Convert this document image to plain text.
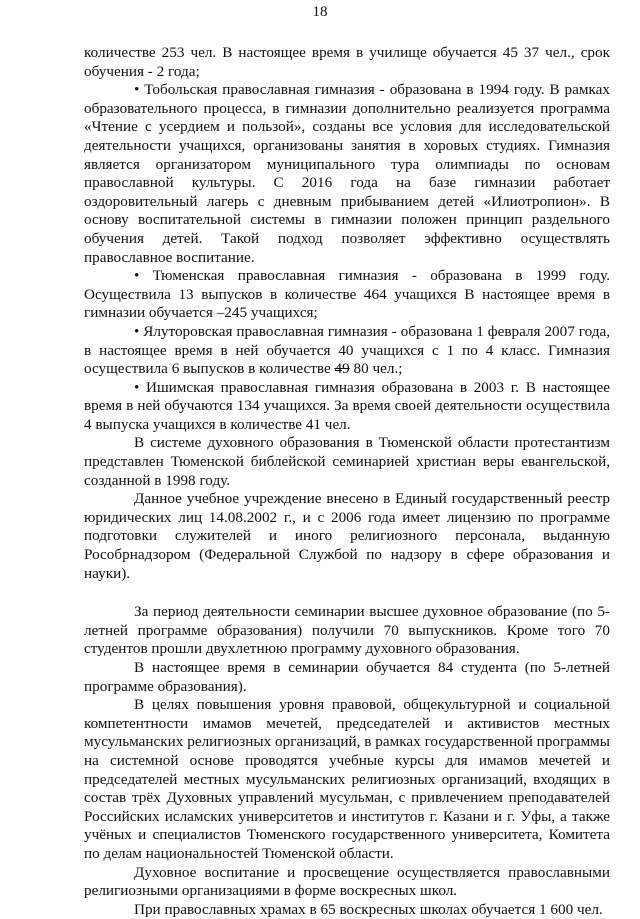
18

количестве 253 чел. В настоящее время в училище обучается 45 37 чел., срок обучения - 2 года;

• Тобольская православная гимназия - образована в 1994 году. В рамках образовательного процесса, в гимназии дополнительно реализуется программа «Чтение с усердием и пользой», созданы все условия для исследовательской деятельности учащихся, организованы занятия в хоровых студиях. Гимназия является организатором муниципального тура олимпиады по основам православной культуры. С 2016 года на базе гимназии работает оздоровительный лагерь с дневным прибыванием детей «Илиотропион». В основу воспитательной системы в гимназии положен принцип раздельного обучения детей. Такой подход позволяет эффективно осуществлять православное воспитание.

• Тюменская православная гимназия - образована в 1999 году. Осуществила 13 выпусков в количестве 464 учащихся В настоящее время в гимназии обучается –245 учащихся;

• Ялуторовская православная гимназия - образована 1 февраля 2007 года, в настоящее время в ней обучается 40 учащихся с 1 по 4 класс. Гимназия осуществила 6 выпусков в количестве 49 80 чел.;

• Ишимская православная гимназия образована в 2003 г. В настоящее время в ней обучаются 134 учащихся. За время своей деятельности осуществила 4 выпуска учащихся в количестве 41 чел.

В системе духовного образования в Тюменской области протестантизм представлен Тюменской библейской семинарией христиан веры евангельской, созданной в 1998 году.

Данное учебное учреждение внесено в Единый государственный реестр юридических лиц 14.08.2002 г., и с 2006 года имеет лицензию по программе подготовки служителей и иного религиозного персонала, выданную Рособрнадзором (Федеральной Службой по надзору в сфере образования и науки).

За период деятельности семинарии высшее духовное образование (по 5-летней программе образования) получили 70 выпускников. Кроме того 70 студентов прошли двухлетнюю программу духовного образования.

В настоящее время в семинарии обучается 84 студента (по 5-летней программе образования).

В целях повышения уровня правовой, общекультурной и социальной компетентности имамов мечетей, председателей и активистов местных мусульманских религиозных организаций, в рамках государственной программы на системной основе проводятся учебные курсы для имамов мечетей и председателей местных мусульманских религиозных организаций, входящих в состав трёх Духовных управлений мусульман, с привлечением преподавателей Российских исламских университетов и институтов г. Казани и г. Уфы, а также учёных и специалистов Тюменского государственного университета, Комитета по делам национальностей Тюменской области.

Духовное воспитание и просвещение осуществляется православными религиозными организациями в форме воскресных школ.

При православных храмах в 65 воскресных школах обучается 1 600 чел.
